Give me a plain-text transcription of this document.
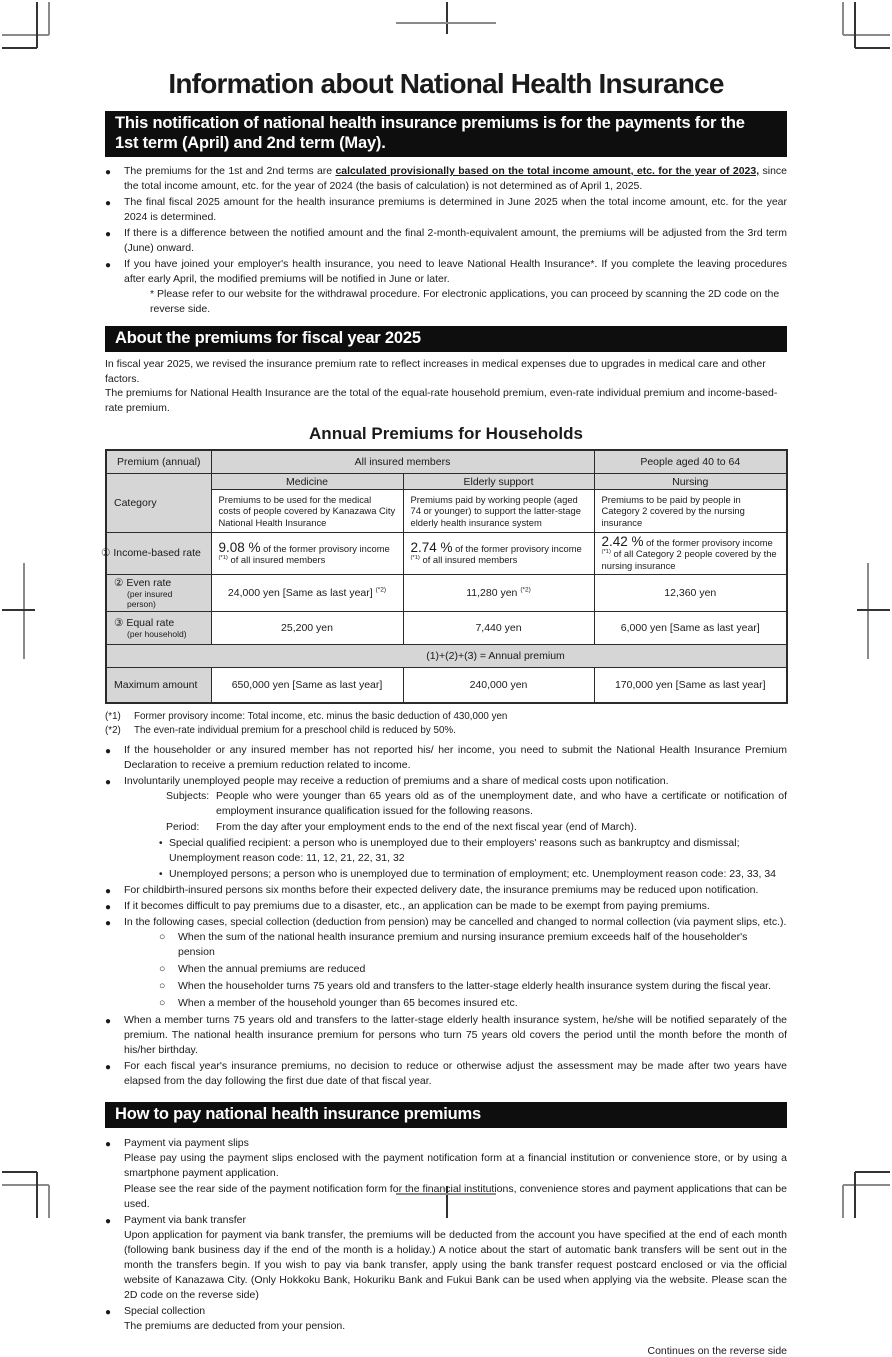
Information about National Health Insurance
This notification of national health insurance premiums is for the payments for the
1st term (April) and 2nd term (May).
● The premiums for the 1st and 2nd terms are calculated provisionally based on the total income amount, etc. for the year of 2023, since the total income amount, etc. for the year of 2024 (the basis of calculation) is not determined as of April 1, 2025.
● The final fiscal 2025 amount for the health insurance premiums is determined in June 2025 when the total income amount, etc. for the year 2024 is determined.
● If there is a difference between the notified amount and the final 2-month-equivalent amount, the premiums will be adjusted from the 3rd term (June) onward.
● If you have joined your employer's health insurance, you need to leave National Health Insurance*. If you complete the leaving procedures after early April, the modified premiums will be notified in June or later.
* Please refer to our website for the withdrawal procedure. For electronic applications, you can proceed by scanning the 2D code on the reverse side.
About the premiums for fiscal year 2025
In fiscal year 2025, we revised the insurance premium rate to reflect increases in medical expenses due to upgrades in medical care and other factors.
The premiums for National Health Insurance are the total of the equal-rate household premium, even-rate individual premium and income-based-rate premium.
Annual Premiums for Households
Premium (annual)	All insured members		People aged 40 to 64
Category	Medicine	Elderly support	Nursing
	Premiums to be used for the medical costs of people covered by Kanazawa City National Health Insurance	Premiums paid by working people (aged 74 or younger) to support the latter-stage elderly health insurance system	Premiums to be paid by people in Category 2 covered by the nursing insurance
① Income-based rate	9.08 % of the former provisory income $^{(*1)}$ of all insured members	2.74 % of the former provisory income $^{(*1)}$ of all insured members	2.42 % of the former provisory income $^{(*1)}$ of all Category 2 people covered by the nursing insurance

② Even rate
(per insured person)	24,000 yen [Same as last year] $^{(*2)}$	11,280 yen $^{(*2)}$	12,360 yen

③ Equal rate
(per household)	25,200 yen	7,440 yen	6,000 yen [Same as last year]
(1)+(2)+(3) = Annual premium			
Maximum amount	650,000 yen [Same as last year]	240,000 yen	170,000 yen [Same as last year]
(*1)	Former provisory income: Total income, etc. minus the basic deduction of 430,000 yen
(*2)	The even-rate individual premium for a preschool child is reduced by 50%.
● If the householder or any insured member has not reported his/ her income, you need to submit the National Health Insurance Premium Declaration to receive a premium reduction related to income.
● Involuntarily unemployed people may receive a reduction of premiums and a share of medical costs upon notification.
Subjects: People who were younger than 65 years old as of the unemployment date, and who have a certificate or notification of employment insurance qualification issued for the following reasons.
Period:	From the day after your employment ends to the end of the next fiscal year (end of March).
• Special qualified recipient: a person who is unemployed due to their employers' reasons such as bankruptcy and dismissal; Unemployment reason code: 11, 12, 21, 22, 31, 32
• Unemployed persons; a person who is unemployed due to termination of employment; etc. Unemployment reason code: 23, 33, 34
● For childbirth-insured persons six months before their expected delivery date, the insurance premiums may be reduced upon notification.
● If it becomes difficult to pay premiums due to a disaster, etc., an application can be made to be exempt from paying premiums.
● In the following cases, special collection (deduction from pension) may be cancelled and changed to normal collection (via payment slips, etc.).
○ When the sum of the national health insurance premium and nursing insurance premium exceeds half of the householder's pension
○ When the annual premiums are reduced
○ When the householder turns 75 years old and transfers to the latter-stage elderly health insurance system during the fiscal year.
○ When a member of the household younger than 65 becomes insured etc.
● When a member turns 75 years old and transfers to the latter-stage elderly health insurance system, he/she will be notified separately of the premium. The national health insurance premium for persons who turn 75 years old covers the period until the month before the month of his/her birthday.
● For each fiscal year's insurance premiums, no decision to reduce or otherwise adjust the assessment may be made after two years have elapsed from the day following the first due date of that fiscal year.
How to pay national health insurance premiums
● Payment via payment slips
Please pay using the payment slips enclosed with the payment notification form at a financial institution or convenience store, or by using a smartphone payment application.
Please see the rear side of the payment notification form for the financial institutions, convenience stores and payment applications that can be used.
● Payment via bank transfer
Upon application for payment via bank transfer, the premiums will be deducted from the account you have specified at the end of each month (following bank business day if the end of the month is a holiday.) A notice about the start of automatic bank transfers will be sent out in the month the transfers begin. If you wish to pay via bank transfer, apply using the bank transfer request postcard enclosed or via the official website of Kanazawa City. (Only Hokkoku Bank, Hokuriku Bank and Fukui Bank can be used when applying via the website. Please scan the 2D code on the reverse side)
● Special collection
The premiums are deducted from your pension.
Continues on the reverse side
